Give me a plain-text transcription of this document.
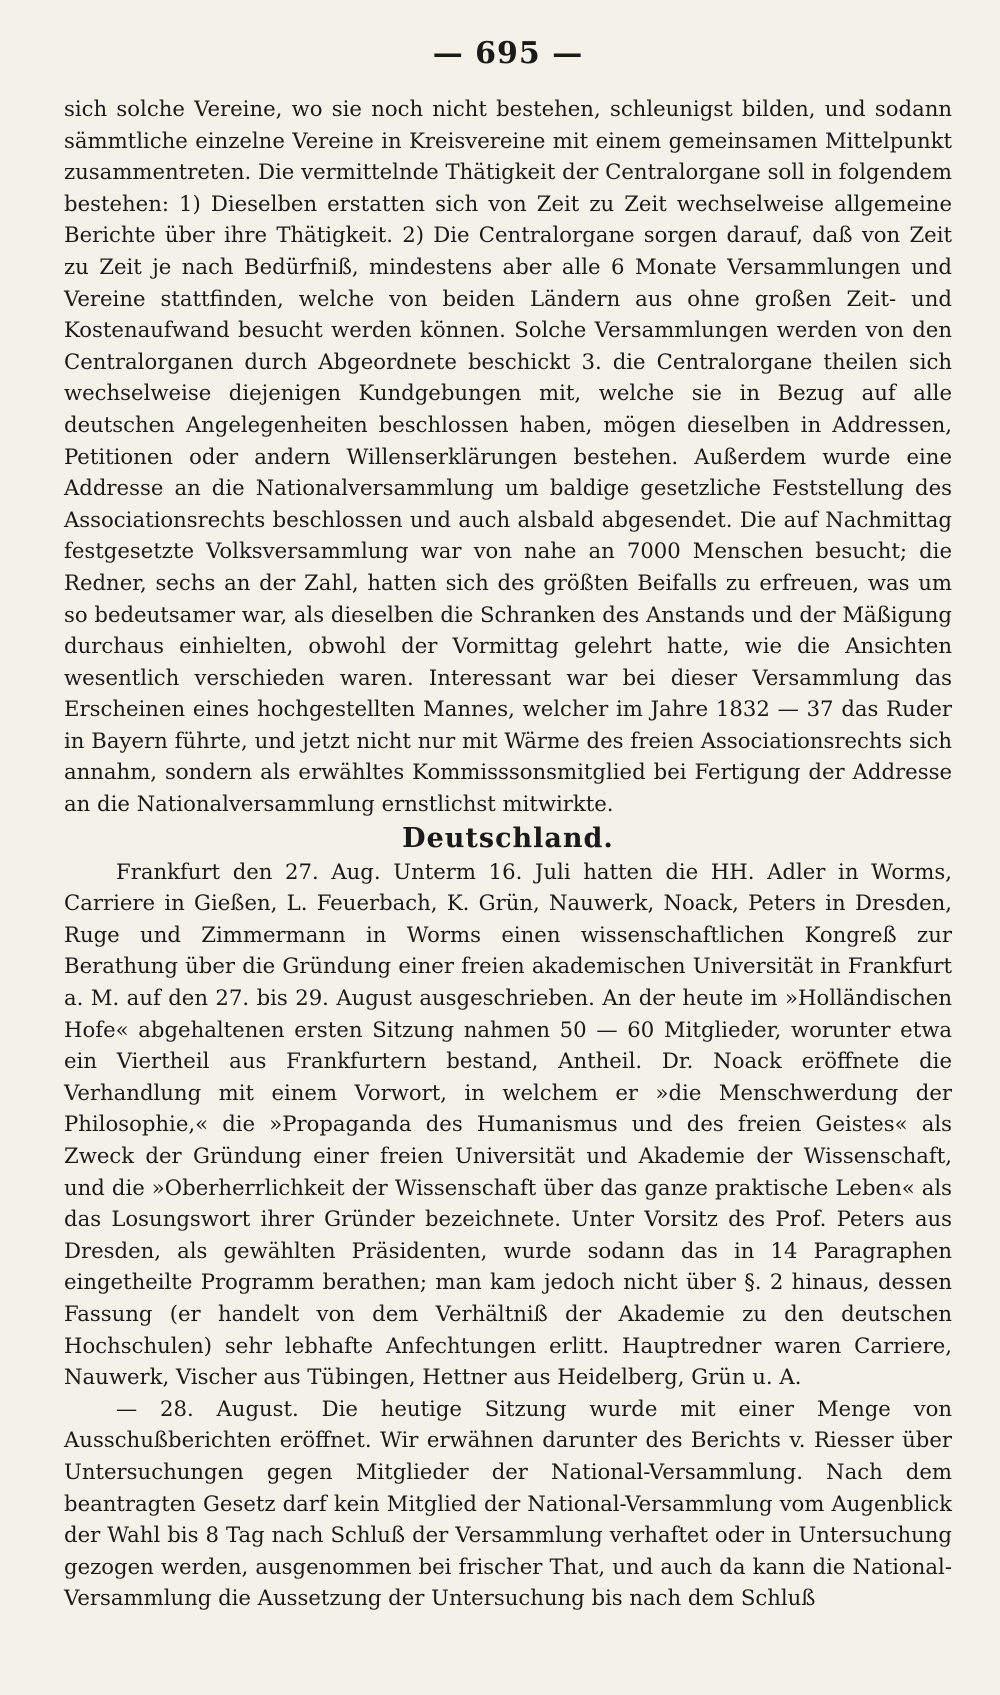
— 695 —

sich solche Vereine, wo sie noch nicht bestehen, schleunigst bilden, und sodann sämmtliche einzelne Vereine in Kreisvereine mit einem gemeinsamen Mittelpunkt zusammentreten. Die vermittelnde Thätigkeit der Centralorgane soll in folgendem bestehen: 1) Dieselben erstatten sich von Zeit zu Zeit wechselweise allgemeine Berichte über ihre Thätigkeit. 2) Die Centralorgane sorgen darauf, daß von Zeit zu Zeit je nach Bedürfniß, mindestens aber alle 6 Monate Versammlungen und Vereine stattfinden, welche von beiden Ländern aus ohne großen Zeit- und Kostenaufwand besucht werden können. Solche Versammlungen werden von den Centralorganen durch Abgeordnete beschickt 3. die Centralorgane theilen sich wechselweise diejenigen Kundgebungen mit, welche sie in Bezug auf alle deutschen Angelegenheiten beschlossen haben, mögen dieselben in Addressen, Petitionen oder andern Willenserklärungen bestehen. Außerdem wurde eine Addresse an die Nationalversammlung um baldige gesetzliche Feststellung des Associationsrechts beschlossen und auch alsbald abgesendet. Die auf Nachmittag festgesetzte Volksversammlung war von nahe an 7000 Menschen besucht; die Redner, sechs an der Zahl, hatten sich des größten Beifalls zu erfreuen, was um so bedeutsamer war, als dieselben die Schranken des Anstands und der Mäßigung durchaus einhielten, obwohl der Vormittag gelehrt hatte, wie die Ansichten wesentlich verschieden waren. Interessant war bei dieser Versammlung das Erscheinen eines hochgestellten Mannes, welcher im Jahre 1832 — 37 das Ruder in Bayern führte, und jetzt nicht nur mit Wärme des freien Associationsrechts sich annahm, sondern als erwähltes Kommisssonsmitglied bei Fertigung der Addresse an die Nationalversammlung ernstlichst mitwirkte.

Deutschland.

Frankfurt den 27. Aug. Unterm 16. Juli hatten die HH. Adler in Worms, Carriere in Gießen, L. Feuerbach, K. Grün, Nauwerk, Noack, Peters in Dresden, Ruge und Zimmermann in Worms einen wissenschaftlichen Kongreß zur Berathung über die Gründung einer freien akademischen Universität in Frankfurt a. M. auf den 27. bis 29. August ausgeschrieben. An der heute im »Holländischen Hofe« abgehaltenen ersten Sitzung nahmen 50 — 60 Mitglieder, worunter etwa ein Viertheil aus Frankfurtern bestand, Antheil. Dr. Noack eröffnete die Verhandlung mit einem Vorwort, in welchem er »die Menschwerdung der Philosophie,« die »Propaganda des Humanismus und des freien Geistes« als Zweck der Gründung einer freien Universität und Akademie der Wissenschaft, und die »Oberherrlichkeit der Wissenschaft über das ganze praktische Leben« als das Losungswort ihrer Gründer bezeichnete. Unter Vorsitz des Prof. Peters aus Dresden, als gewählten Präsidenten, wurde sodann das in 14 Paragraphen eingetheilte Programm berathen; man kam jedoch nicht über §. 2 hinaus, dessen Fassung (er handelt von dem Verhältniß der Akademie zu den deutschen Hochschulen) sehr lebhafte Anfechtungen erlitt. Hauptredner waren Carriere, Nauwerk, Vischer aus Tübingen, Hettner aus Heidelberg, Grün u. A.

— 28. August. Die heutige Sitzung wurde mit einer Menge von Ausschußberichten eröffnet. Wir erwähnen darunter des Berichts v. Riesser über Untersuchungen gegen Mitglieder der National-Versammlung. Nach dem beantragten Gesetz darf kein Mitglied der National-Versammlung vom Augenblick der Wahl bis 8 Tag nach Schluß der Versammlung verhaftet oder in Untersuchung gezogen werden, ausgenommen bei frischer That, und auch da kann die National-Versammlung die Aussetzung der Untersuchung bis nach dem Schluß
